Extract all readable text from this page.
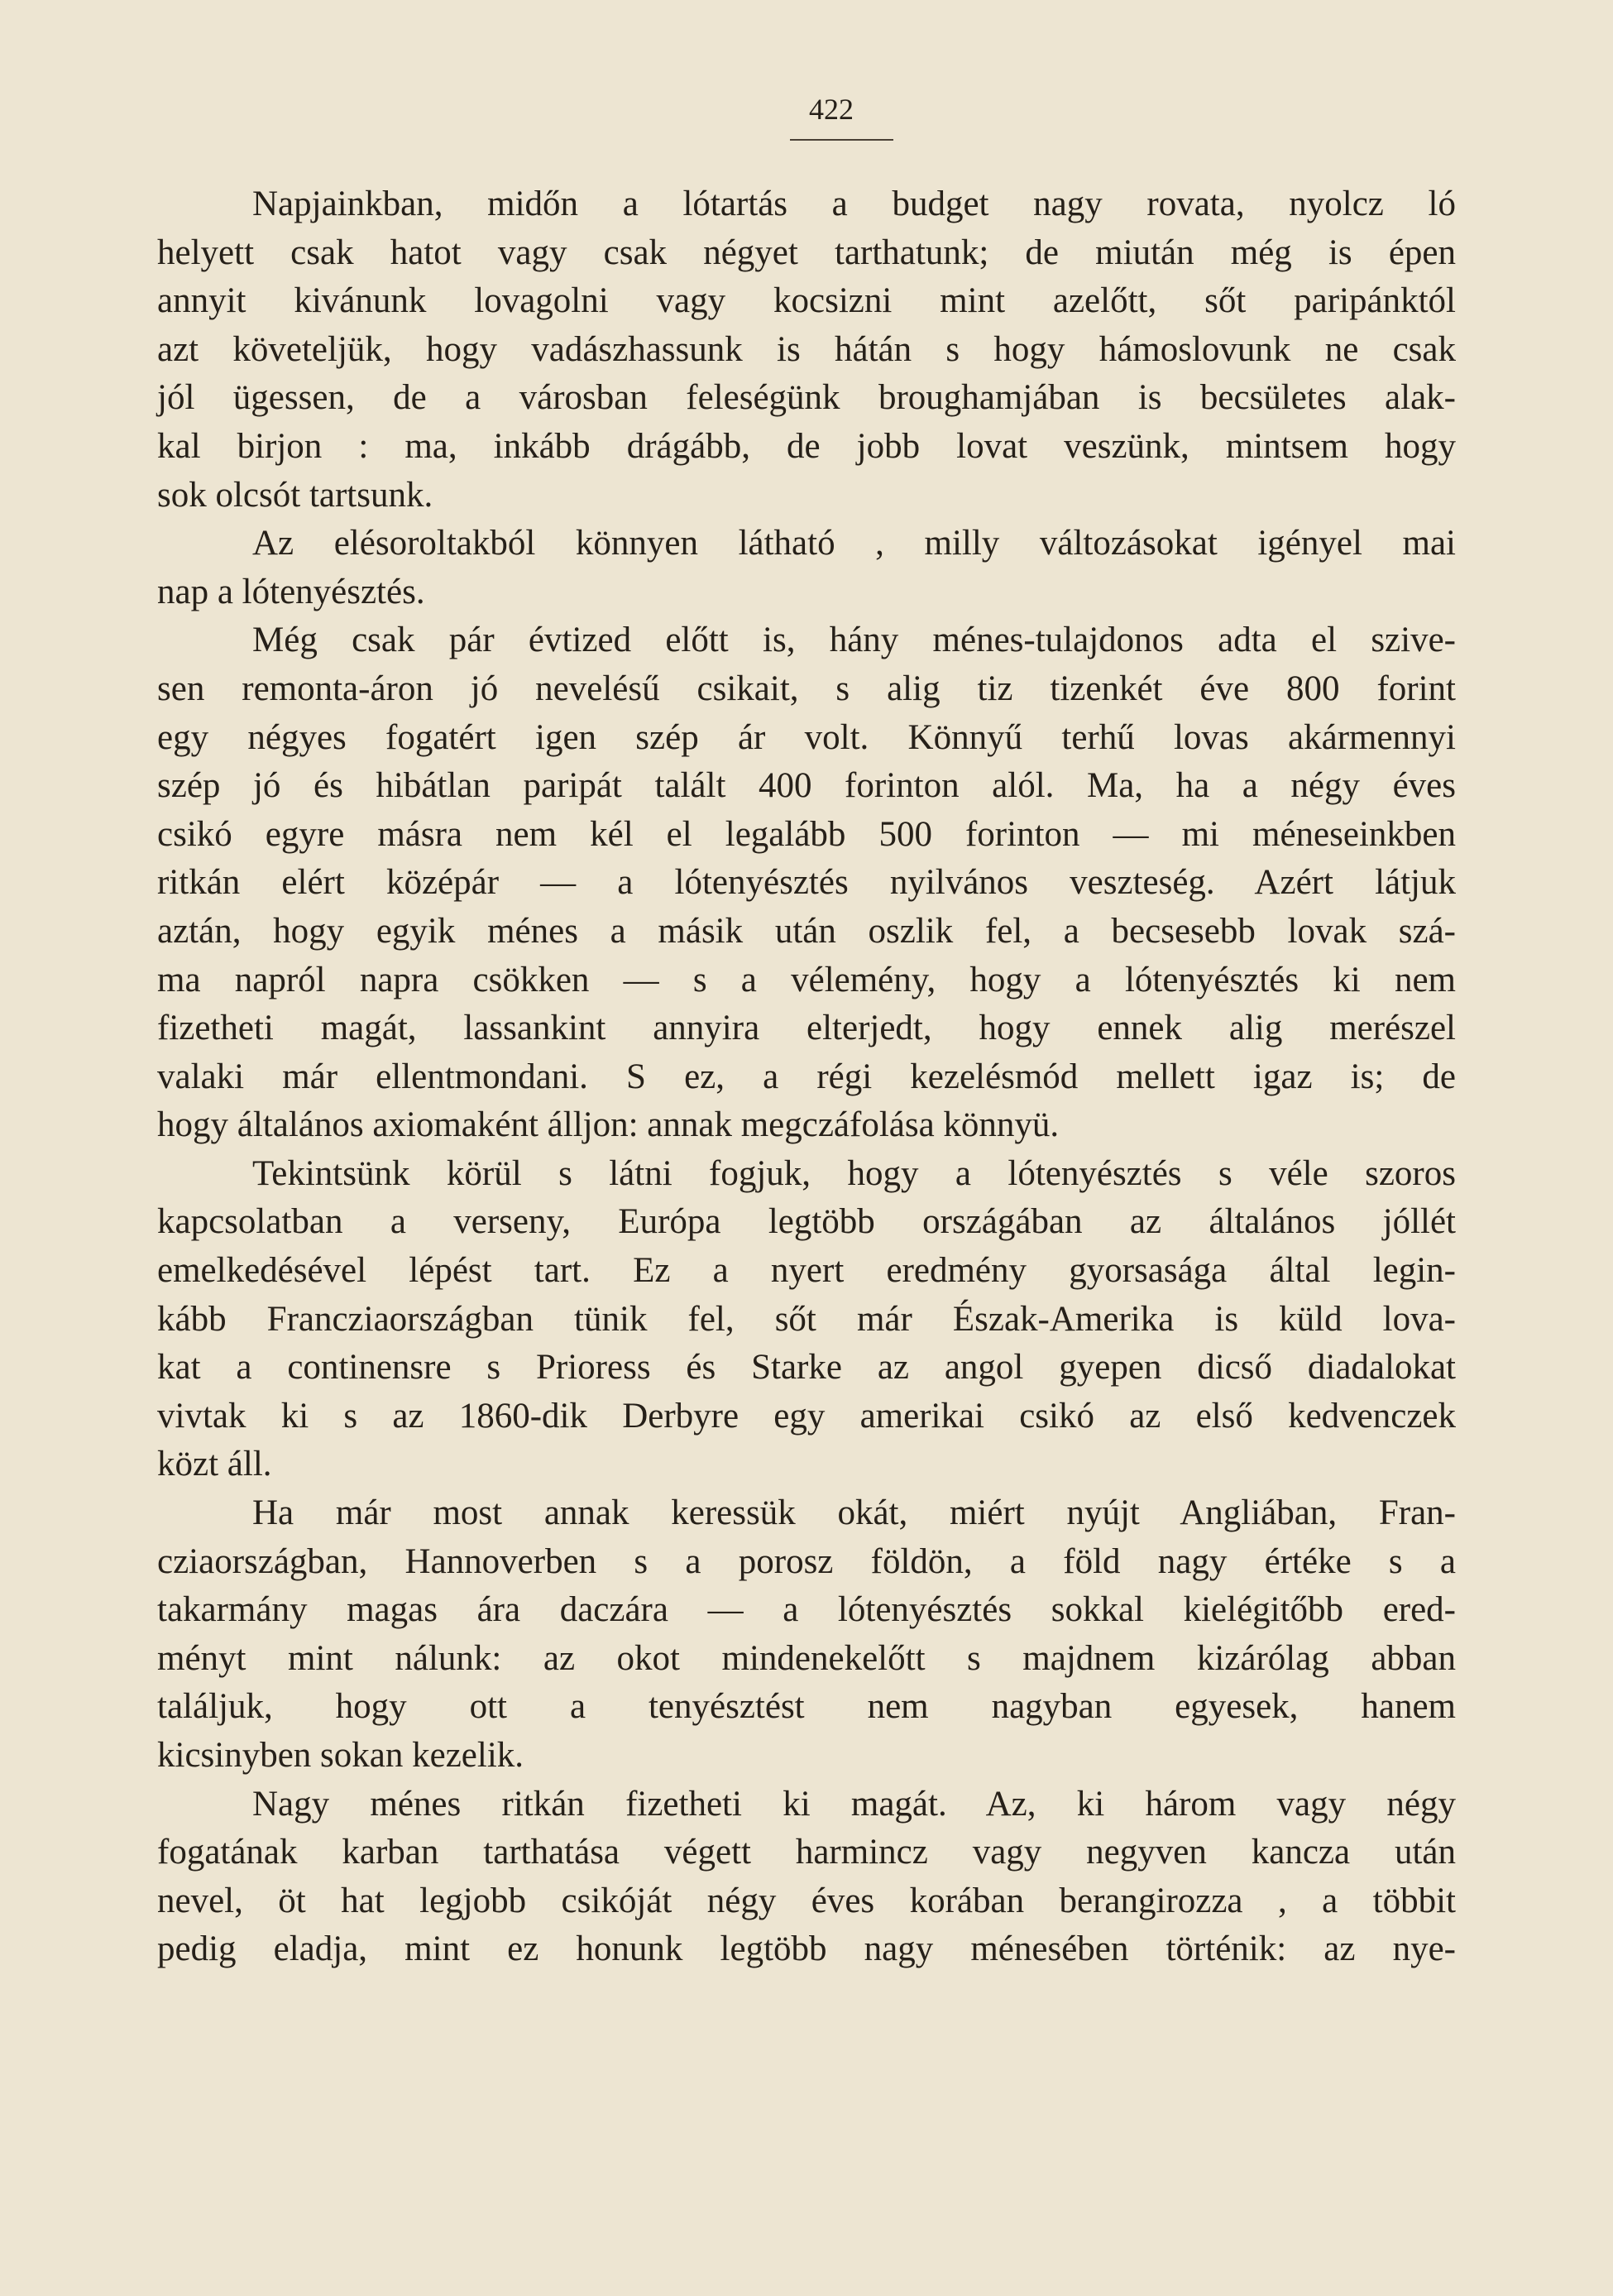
422

Napjainkban, midőn a lótartás a budget nagy rovata, nyolcz ló
helyett csak hatot vagy csak négyet tarthatunk; de miután még is épen
annyit kivánunk lovagolni vagy kocsizni mint azelőtt, sőt paripánktól
azt követeljük, hogy vadászhassunk is hátán s hogy hámoslovunk ne csak
jól ügessen, de a városban feleségünk broughamjában is becsületes alak-
kal birjon : ma, inkább drágább, de jobb lovat veszünk, mintsem hogy
sok olcsót tartsunk.

Az elésoroltakból könnyen látható , milly változásokat igényel mai
nap a lótenyésztés.

Még csak pár évtized előtt is, hány ménes-tulajdonos adta el szive-
sen remonta-áron jó nevelésű csikait, s alig tiz tizenkét éve 800 forint
egy négyes fogatért igen szép ár volt. Könnyű terhű lovas akármennyi
szép jó és hibátlan paripát talált 400 forinton alól. Ma, ha a négy éves
csikó egyre másra nem kél el legalább 500 forinton — mi méneseinkben
ritkán elért középár — a lótenyésztés nyilvános veszteség. Azért látjuk
aztán, hogy egyik ménes a másik után oszlik fel, a becsesebb lovak szá-
ma napról napra csökken — s a vélemény, hogy a lótenyésztés ki nem
fizetheti magát, lassankint annyira elterjedt, hogy ennek alig merészel
valaki már ellentmondani. S ez, a régi kezelésmód mellett igaz is; de
hogy általános axiomaként álljon: annak megczáfolása könnyü.

Tekintsünk körül s látni fogjuk, hogy a lótenyésztés s véle szoros
kapcsolatban a verseny, Európa legtöbb országában az általános jóllét
emelkedésével lépést tart. Ez a nyert eredmény gyorsasága által legin-
kább Francziaországban tünik fel, sőt már Észak-Amerika is küld lova-
kat a continensre s Prioress és Starke az angol gyepen dicső diadalokat
vivtak ki s az 1860-dik Derbyre egy amerikai csikó az első kedvenczek
közt áll.

Ha már most annak keressük okát, miért nyújt Angliában, Fran-
cziaországban, Hannoverben s a porosz földön, a föld nagy értéke s a
takarmány magas ára daczára — a lótenyésztés sokkal kielégitőbb ered-
ményt mint nálunk: az okot mindenekelőtt s majdnem kizárólag abban
találjuk, hogy ott a tenyésztést nem nagyban egyesek, hanem
kicsinyben sokan kezelik.

Nagy ménes ritkán fizetheti ki magát. Az, ki három vagy négy
fogatának karban tarthatása végett harmincz vagy negyven kancza után
nevel, öt hat legjobb csikóját négy éves korában berangirozza , a többit
pedig eladja, mint ez honunk legtöbb nagy ménesében történik: az nye-
